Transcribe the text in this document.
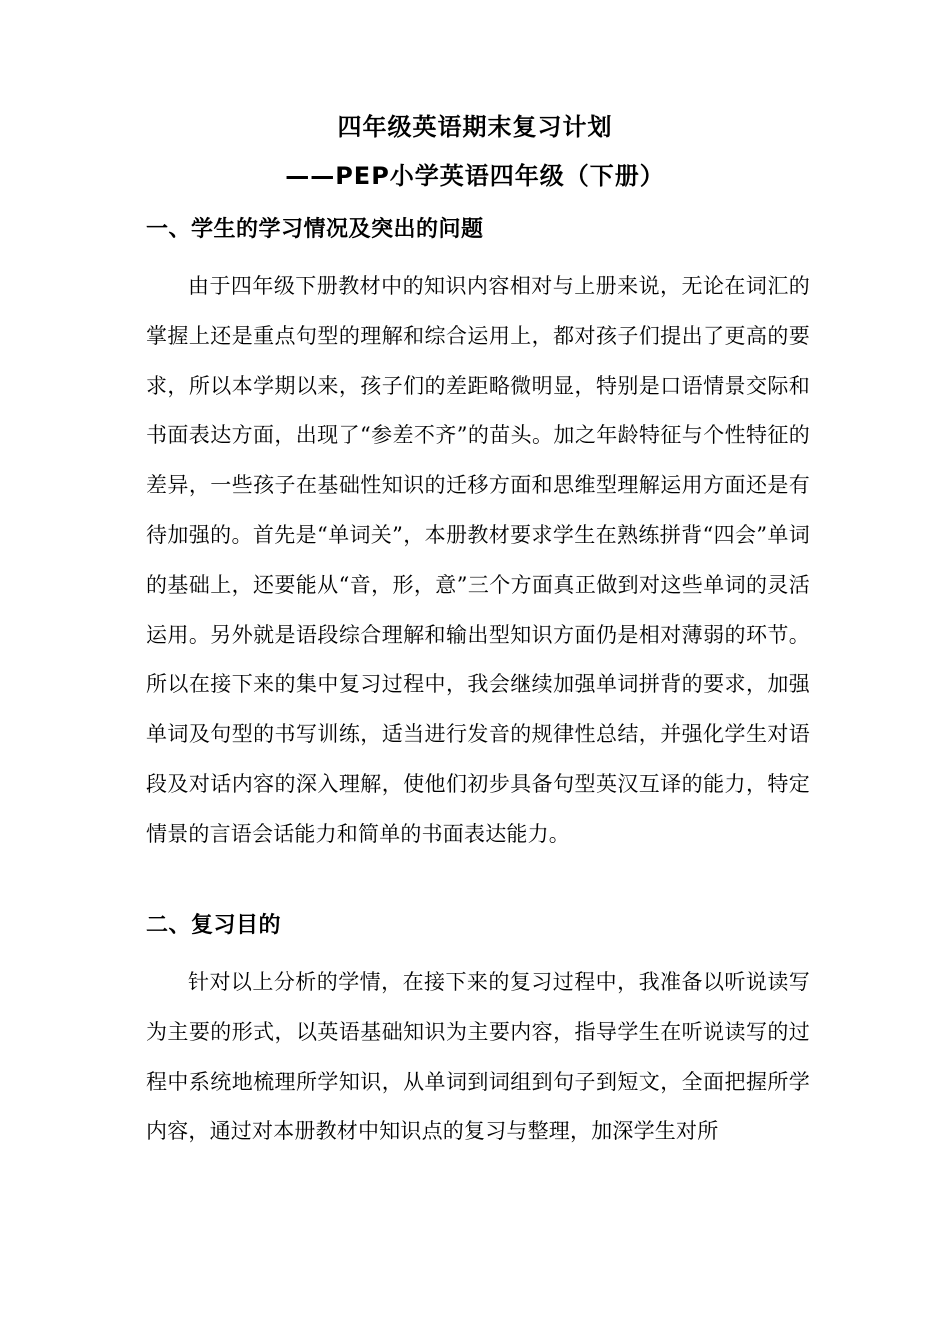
四年级英语期末复习计划
——PEP小学英语四年级（下册）
一、学生的学习情况及突出的问题
由于四年级下册教材中的知识内容相对与上册来说，无论在词汇的掌握上还是重点句型的理解和综合运用上，都对孩子们提出了更高的要求，所以本学期以来，孩子们的差距略微明显，特别是口语情景交际和书面表达方面，出现了“参差不齐”的苗头。加之年龄特征与个性特征的差异，一些孩子在基础性知识的迁移方面和思维型理解运用方面还是有待加强的。首先是“单词关”，本册教材要求学生在熟练拼背“四会”单词的基础上，还要能从“音，形，意”三个方面真正做到对这些单词的灵活运用。另外就是语段综合理解和输出型知识方面仍是相对薄弱的环节。所以在接下来的集中复习过程中，我会继续加强单词拼背的要求，加强单词及句型的书写训练，适当进行发音的规律性总结，并强化学生对语段及对话内容的深入理解，使他们初步具备句型英汉互译的能力，特定情景的言语会话能力和简单的书面表达能力。
二、复习目的
针对以上分析的学情，在接下来的复习过程中，我准备以听说读写为主要的形式，以英语基础知识为主要内容，指导学生在听说读写的过程中系统地梳理所学知识，从单词到词组到句子到短文，全面把握所学内容，通过对本册教材中知识点的复习与整理，加深学生对所
